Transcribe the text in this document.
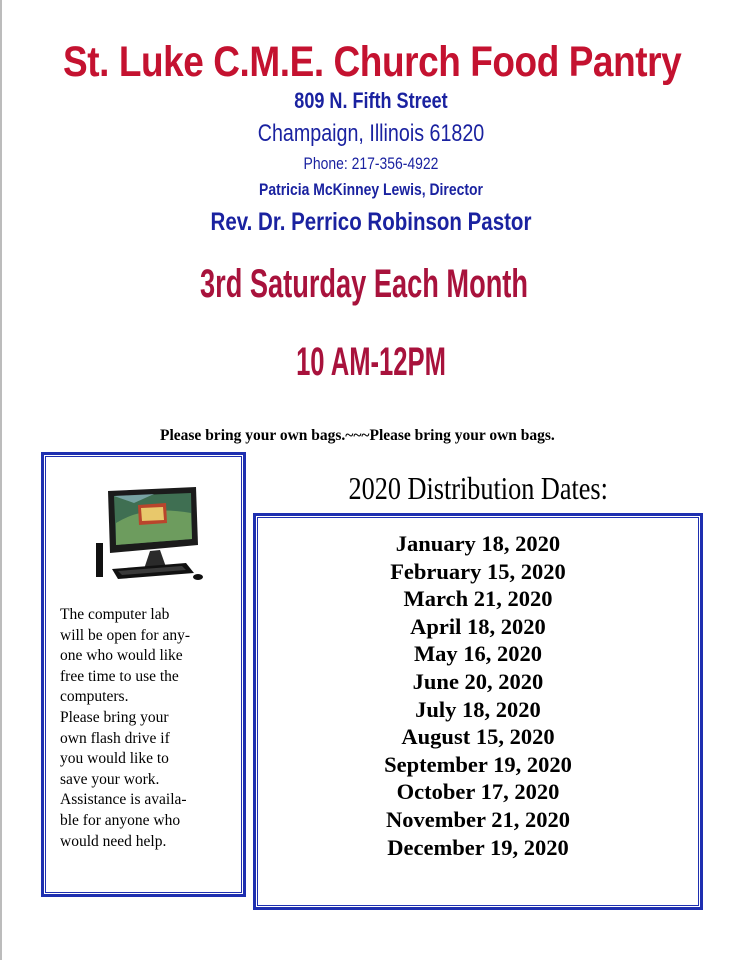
St. Luke C.M.E. Church Food Pantry
809 N. Fifth Street
Champaign, Illinois 61820
Phone: 217-356-4922
Patricia McKinney Lewis, Director
Rev. Dr. Perrico Robinson Pastor
3rd Saturday Each Month
10 AM-12PM
Please bring your own bags.~~~Please bring your own bags.
The computer lab
will be open for any-
one who would like
free time to use the
computers.
Please bring your
own flash drive if
you would like to
save your work.
Assistance is availa-
ble for anyone who
would need help.
2020 Distribution Dates:
January 18, 2020
February 15, 2020
March 21, 2020
April 18, 2020
May 16, 2020
June 20, 2020
July 18, 2020
August 15, 2020
September 19, 2020
October 17, 2020
November 21, 2020
December 19, 2020
